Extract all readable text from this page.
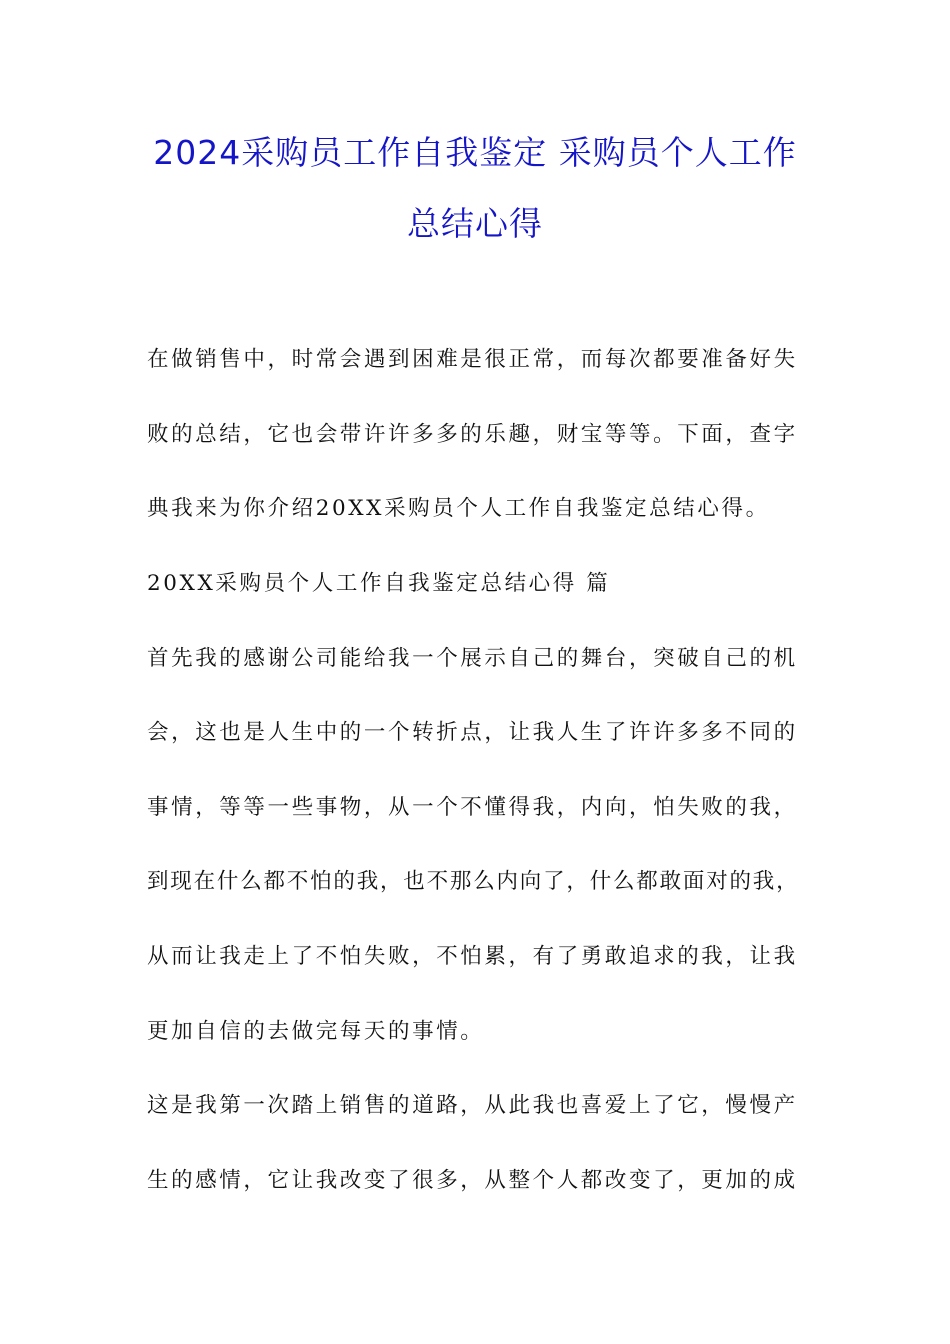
2024采购员工作自我鉴定 采购员个人工作
总结心得
在做销售中，时常会遇到困难是很正常，而每次都要准备好失
败的总结，它也会带许许多多的乐趣，财宝等等。下面，查字
典我来为你介绍20XX采购员个人工作自我鉴定总结心得。
20XX采购员个人工作自我鉴定总结心得 篇
首先我的感谢公司能给我一个展示自己的舞台，突破自己的机
会，这也是人生中的一个转折点，让我人生了许许多多不同的
事情，等等一些事物，从一个不懂得我，内向，怕失败的我，
到现在什么都不怕的我，也不那么内向了，什么都敢面对的我，
从而让我走上了不怕失败，不怕累，有了勇敢追求的我，让我
更加自信的去做完每天的事情。
这是我第一次踏上销售的道路，从此我也喜爱上了它，慢慢产
生的感情，它让我改变了很多，从整个人都改变了，更加的成
